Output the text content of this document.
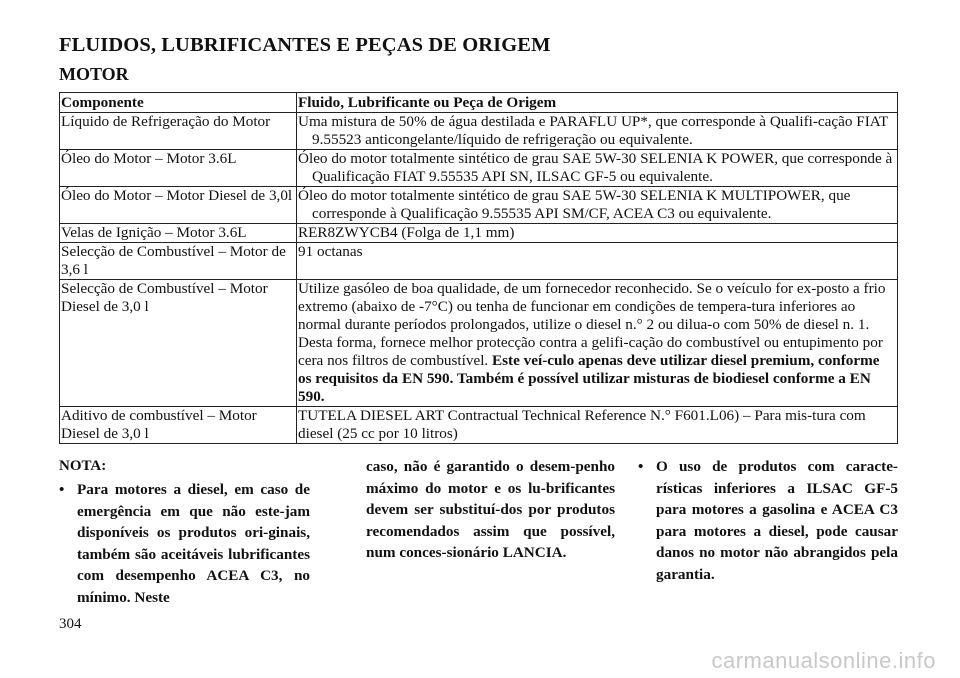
FLUIDOS, LUBRIFICANTES E PEÇAS DE ORIGEM
MOTOR
Componente	Fluido, Lubrificante ou Peça de Origem
Líquido de Refrigeração do Motor	Uma mistura de 50% de água destilada e PARAFLU UP*, que corresponde à Qualifi-cação FIAT 9.55523 anticongelante/líquido de refrigeração ou equivalente.

Óleo do Motor – Motor 3.6L	Óleo do motor totalmente sintético de grau SAE 5W-30 SELENIA K POWER, que corresponde à Qualificação FIAT 9.55535 API SN, ILSAC GF-5 ou equivalente.

Óleo do Motor – Motor Diesel de 3,0l	Óleo do motor totalmente sintético de grau SAE 5W-30 SELENIA K MULTIPOWER, que corresponde à Qualificação 9.55535 API SM/CF, ACEA C3 ou equivalente.

Velas de Ignição – Motor 3.6L	RER8ZWYCB4 (Folga de 1,1 mm)
Selecção de Combustível – Motor de 3,6 l	91 octanas
Selecção de Combustível – Motor Diesel de 3,0 l	Utilize gasóleo de boa qualidade, de um fornecedor reconhecido. Se o veículo for ex-posto a frio extremo (abaixo de -7°C) ou tenha de funcionar em condições de tempera-tura inferiores ao normal durante períodos prolongados, utilize o diesel n.° 2 ou dilua-o com 50% de diesel n. 1. Desta forma, fornece melhor protecção contra a gelifi-cação do combustível ou entupimento por cera nos filtros de combustível. Este veí-culo apenas deve utilizar diesel premium, conforme os requisitos da EN 590. Também é possível utilizar misturas de biodiesel conforme a EN 590.
Aditivo de combustível – Motor Diesel de 3,0 l	TUTELA DIESEL ART Contractual Technical Reference N.° F601.L06) – Para mis-tura com diesel (25 cc por 10 litros)
NOTA:
• Para motores a diesel, em caso de emergência em que não este-jam disponíveis os produtos ori-ginais, também são aceitáveis lubrificantes com desempenho ACEA C3, no mínimo. Neste
caso, não é garantido o desem-penho máximo do motor e os lu-brificantes devem ser substituí-dos por produtos recomendados assim que possível, num conces-sionário LANCIA.
• O uso de produtos com caracte-rísticas inferiores a ILSAC GF-5 para motores a gasolina e ACEA C3 para motores a diesel, pode causar danos no motor não abrangidos pela garantia.
304
carmanualsonline.info
